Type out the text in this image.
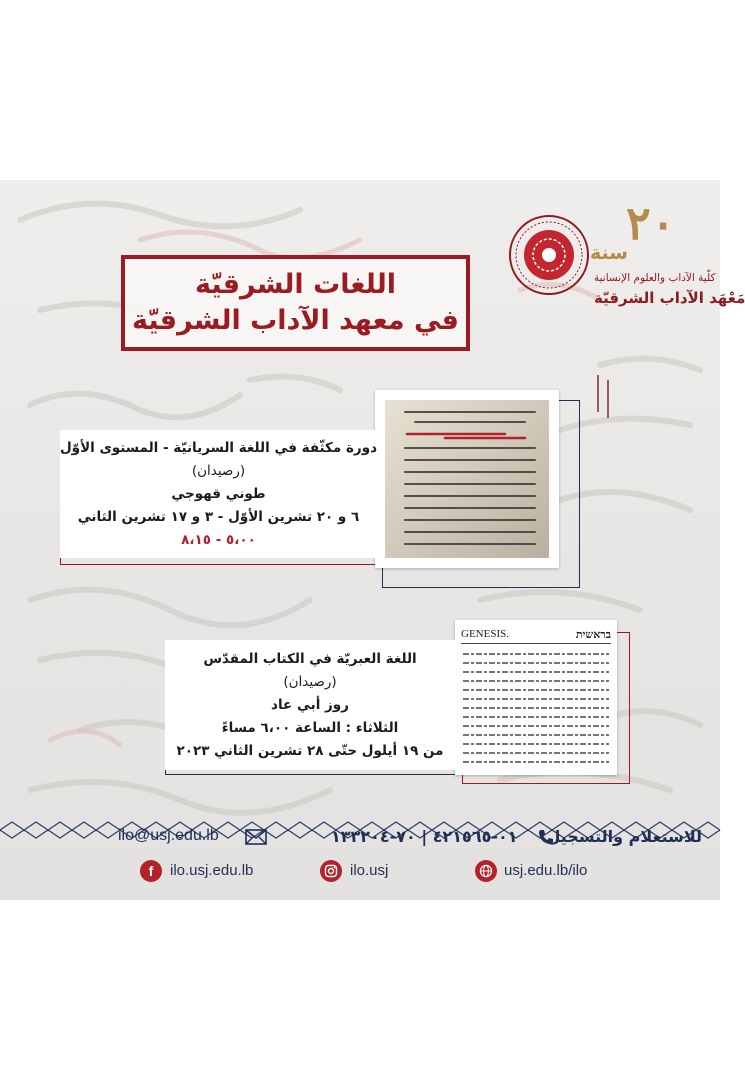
٢٠
سنة
كلّية الآداب والعلوم الإنسانية
مَعْهَد الآداب الشرقيّة
اللغات الشرقيّة
في معهد الآداب الشرقيّة
دورة مكثّفة في اللغة السريانيّة - المستوى الأوّل
(رصيدان)
طوني قهوجي
٦ و ٢٠ تشرين الأوّل - ٣ و ١٧ تشرين الثاني
٥،٠٠ - ٨،١٥
GENESIS.	בראשית
اللغة العبريّة في الكتاب المقدّس
(رصيدان)
روز أبي عاد
الثلاثاء : الساعة ٦،٠٠ مساءً
من ١٩ أيلول حتّى ٢٨ تشرين الثاني ٢٠٢٣
للاستعلام والتسجيل
٠١-٤٢١٥٦٥ | ٧٠-١٣٣٢٠٤
ilo@usj.edu.lb
f ilo.usj.edu.lb	ilo.usj	usj.edu.lb/ilo
